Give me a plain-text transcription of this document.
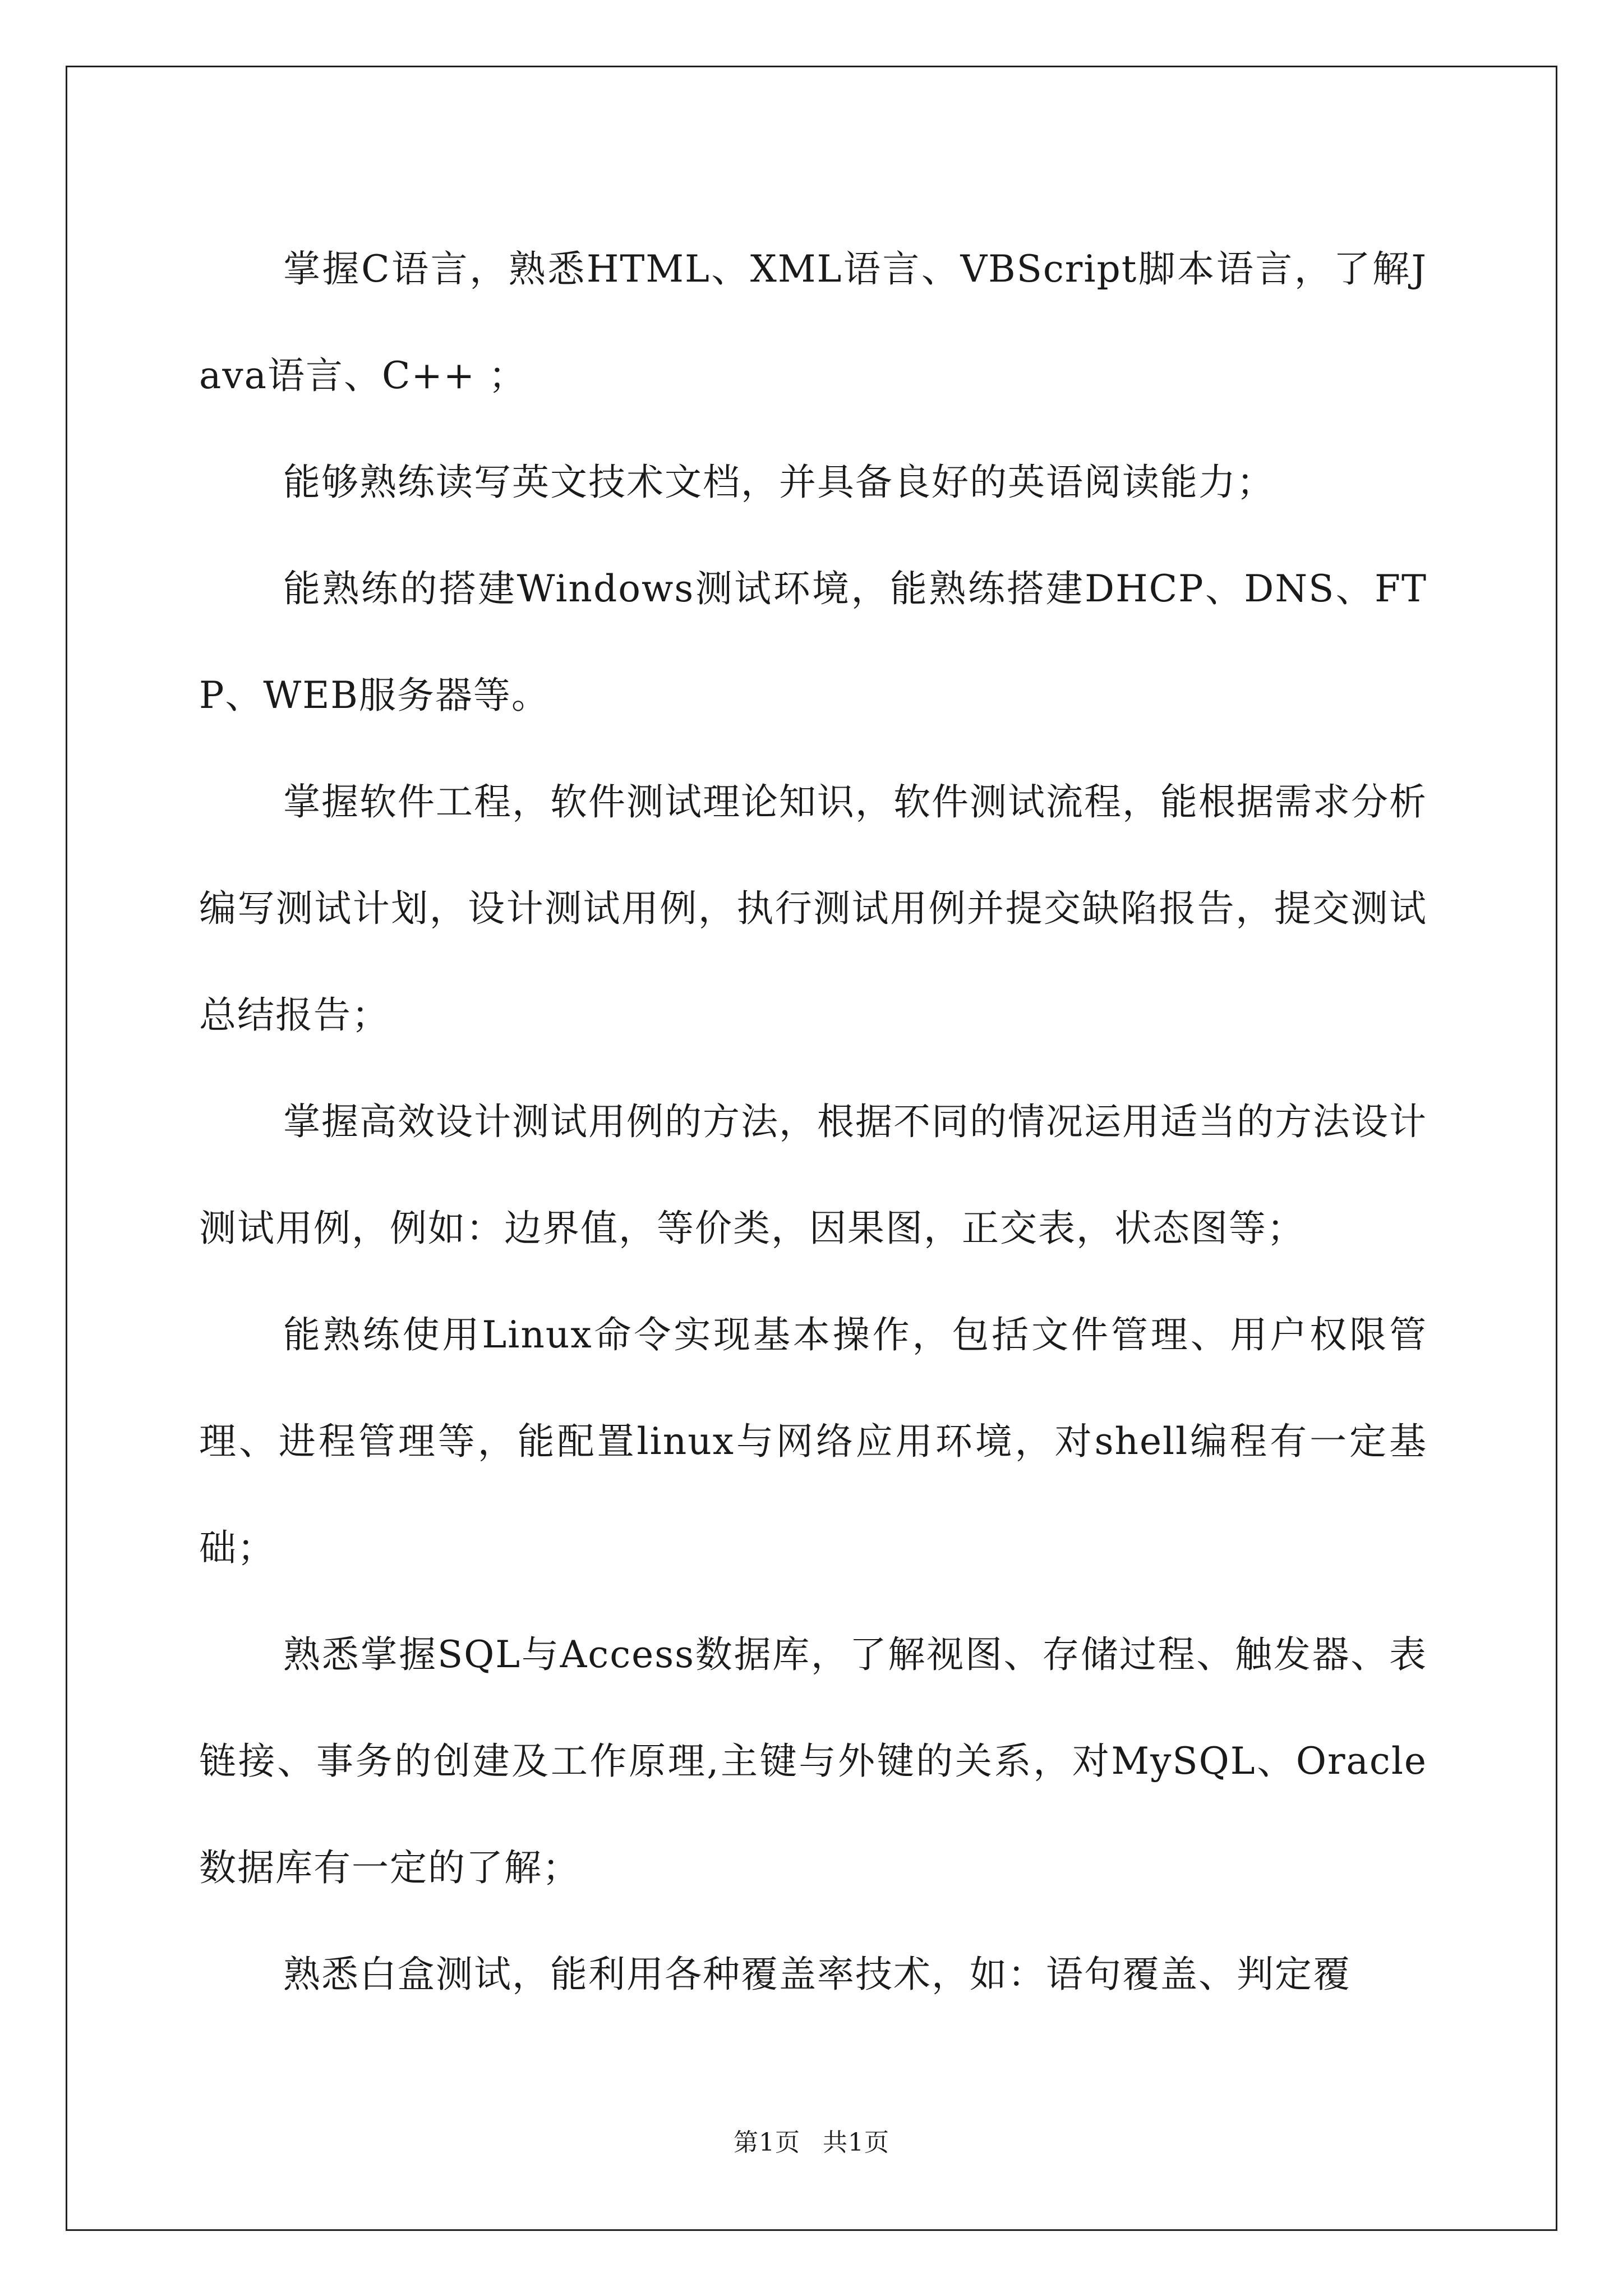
掌握C语言，熟悉HTML、XML语言、VBScript脚本语言，了解Java语言、C++ ；

能够熟练读写英文技术文档，并具备良好的英语阅读能力；

能熟练的搭建Windows测试环境，能熟练搭建DHCP、DNS、FTP、WEB服务器等。

掌握软件工程，软件测试理论知识，软件测试流程，能根据需求分析编写测试计划，设计测试用例，执行测试用例并提交缺陷报告，提交测试总结报告；

掌握高效设计测试用例的方法，根据不同的情况运用适当的方法设计测试用例，例如：边界值，等价类，因果图，正交表，状态图等；

能熟练使用Linux命令实现基本操作，包括文件管理、用户权限管理、进程管理等，能配置linux与网络应用环境，对shell编程有一定基础；

熟悉掌握SQL与Access数据库，了解视图、存储过程、触发器、表链接、事务的创建及工作原理,主键与外键的关系，对MySQL、Oracle数据库有一定的了解；

熟悉白盒测试，能利用各种覆盖率技术，如：语句覆盖、判定覆

第1页 共1页
